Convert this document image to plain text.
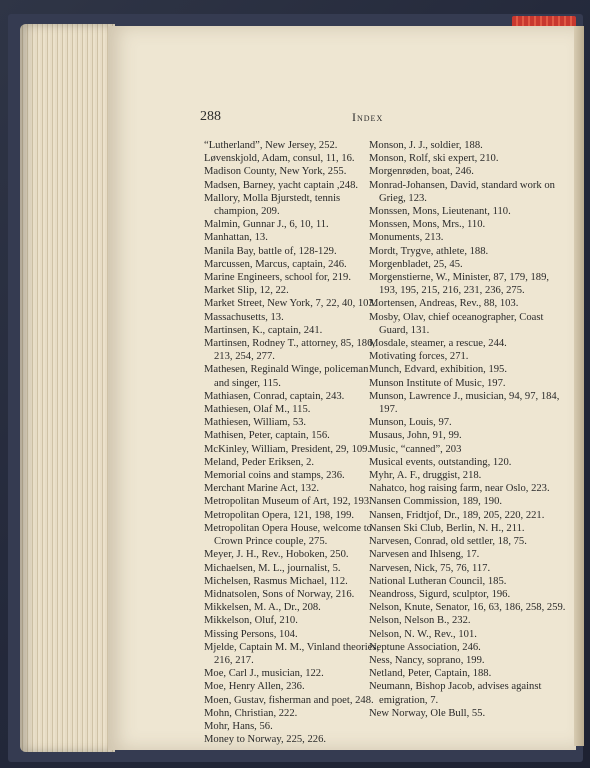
288	Index

“Lutherland”, New Jersey, 252.

Løvenskjold, Adam, consul, 11, 16.

Madison County, New York, 255.

Madsen, Barney, yacht captain ,248.

Mallory, Molla Bjurstedt, tennis champion, 209.

Malmin, Gunnar J., 6, 10, 11.

Manhattan, 13.

Manila Bay, battle of, 128-129.

Marcussen, Marcus, captain, 246.

Marine Engineers, school for, 219.

Market Slip, 12, 22.

Market Street, New York, 7, 22, 40, 103.

Massachusetts, 13.

Martinsen, K., captain, 241.

Martinsen, Rodney T., attorney, 85, 186, 213, 254, 277.

Mathesen, Reginald Winge, policeman and singer, 115.

Mathiasen, Conrad, captain, 243.

Mathiesen, Olaf M., 115.

Mathiesen, William, 53.

Mathisen, Peter, captain, 156.

McKinley, William, President, 29, 109.

Meland, Peder Eriksen, 2.

Memorial coins and stamps, 236.

Merchant Marine Act, 132.

Metropolitan Museum of Art, 192, 193.

Metropolitan Opera, 121, 198, 199.

Metropolitan Opera House, welcome to Crown Prince couple, 275.

Meyer, J. H., Rev., Hoboken, 250.

Michaelsen, M. L., journalist, 5.

Michelsen, Rasmus Michael, 112.

Midnatsolen, Sons of Norway, 216.

Mikkelsen, M. A., Dr., 208.

Mikkelson, Oluf, 210.

Missing Persons, 104.

Mjelde, Captain M. M., Vinland theories, 216, 217.

Moe, Carl J., musician, 122.

Moe, Henry Allen, 236.

Moen, Gustav, fisherman and poet, 248.

Mohn, Christian, 222.

Mohr, Hans, 56.

Money to Norway, 225, 226.

Monson, J. J., soldier, 188.

Monson, Rolf, ski expert, 210.

Morgenrøden, boat, 246.

Monrad-Johansen, David, standard work on Grieg, 123.

Monssen, Mons, Lieutenant, 110.

Monssen, Mons, Mrs., 110.

Monuments, 213.

Mordt, Trygve, athlete, 188.

Morgenbladet, 25, 45.

Morgenstierne, W., Minister, 87, 179, 189, 193, 195, 215, 216, 231, 236, 275.

Mortensen, Andreas, Rev., 88, 103.

Mosby, Olav, chief oceanographer, Coast Guard, 131.

Mosdale, steamer, a rescue, 244.

Motivating forces, 271.

Munch, Edvard, exhibition, 195.

Munson Institute of Music, 197.

Munson, Lawrence J., musician, 94, 97, 184, 197.

Munson, Louis, 97.

Musaus, John, 91, 99.

Music, “canned”, 203

Musical events, outstanding, 120.

Myhr, A. F., druggist, 218.

Nahatco, hog raising farm, near Oslo, 223.

Nansen Commission, 189, 190.

Nansen, Fridtjof, Dr., 189, 205, 220, 221.

Nansen Ski Club, Berlin, N. H., 211.

Narvesen, Conrad, old settler, 18, 75.

Narvesen and Ihlseng, 17.

Narvesen, Nick, 75, 76, 117.

National Lutheran Council, 185.

Neandross, Sigurd, sculptor, 196.

Nelson, Knute, Senator, 16, 63, 186, 258, 259.

Nelson, Nelson B., 232.

Nelson, N. W., Rev., 101.

Neptune Association, 246.

Ness, Nancy, soprano, 199.

Netland, Peter, Captain, 188.

Neumann, Bishop Jacob, advises against emigration, 7.

New Norway, Ole Bull, 55.
